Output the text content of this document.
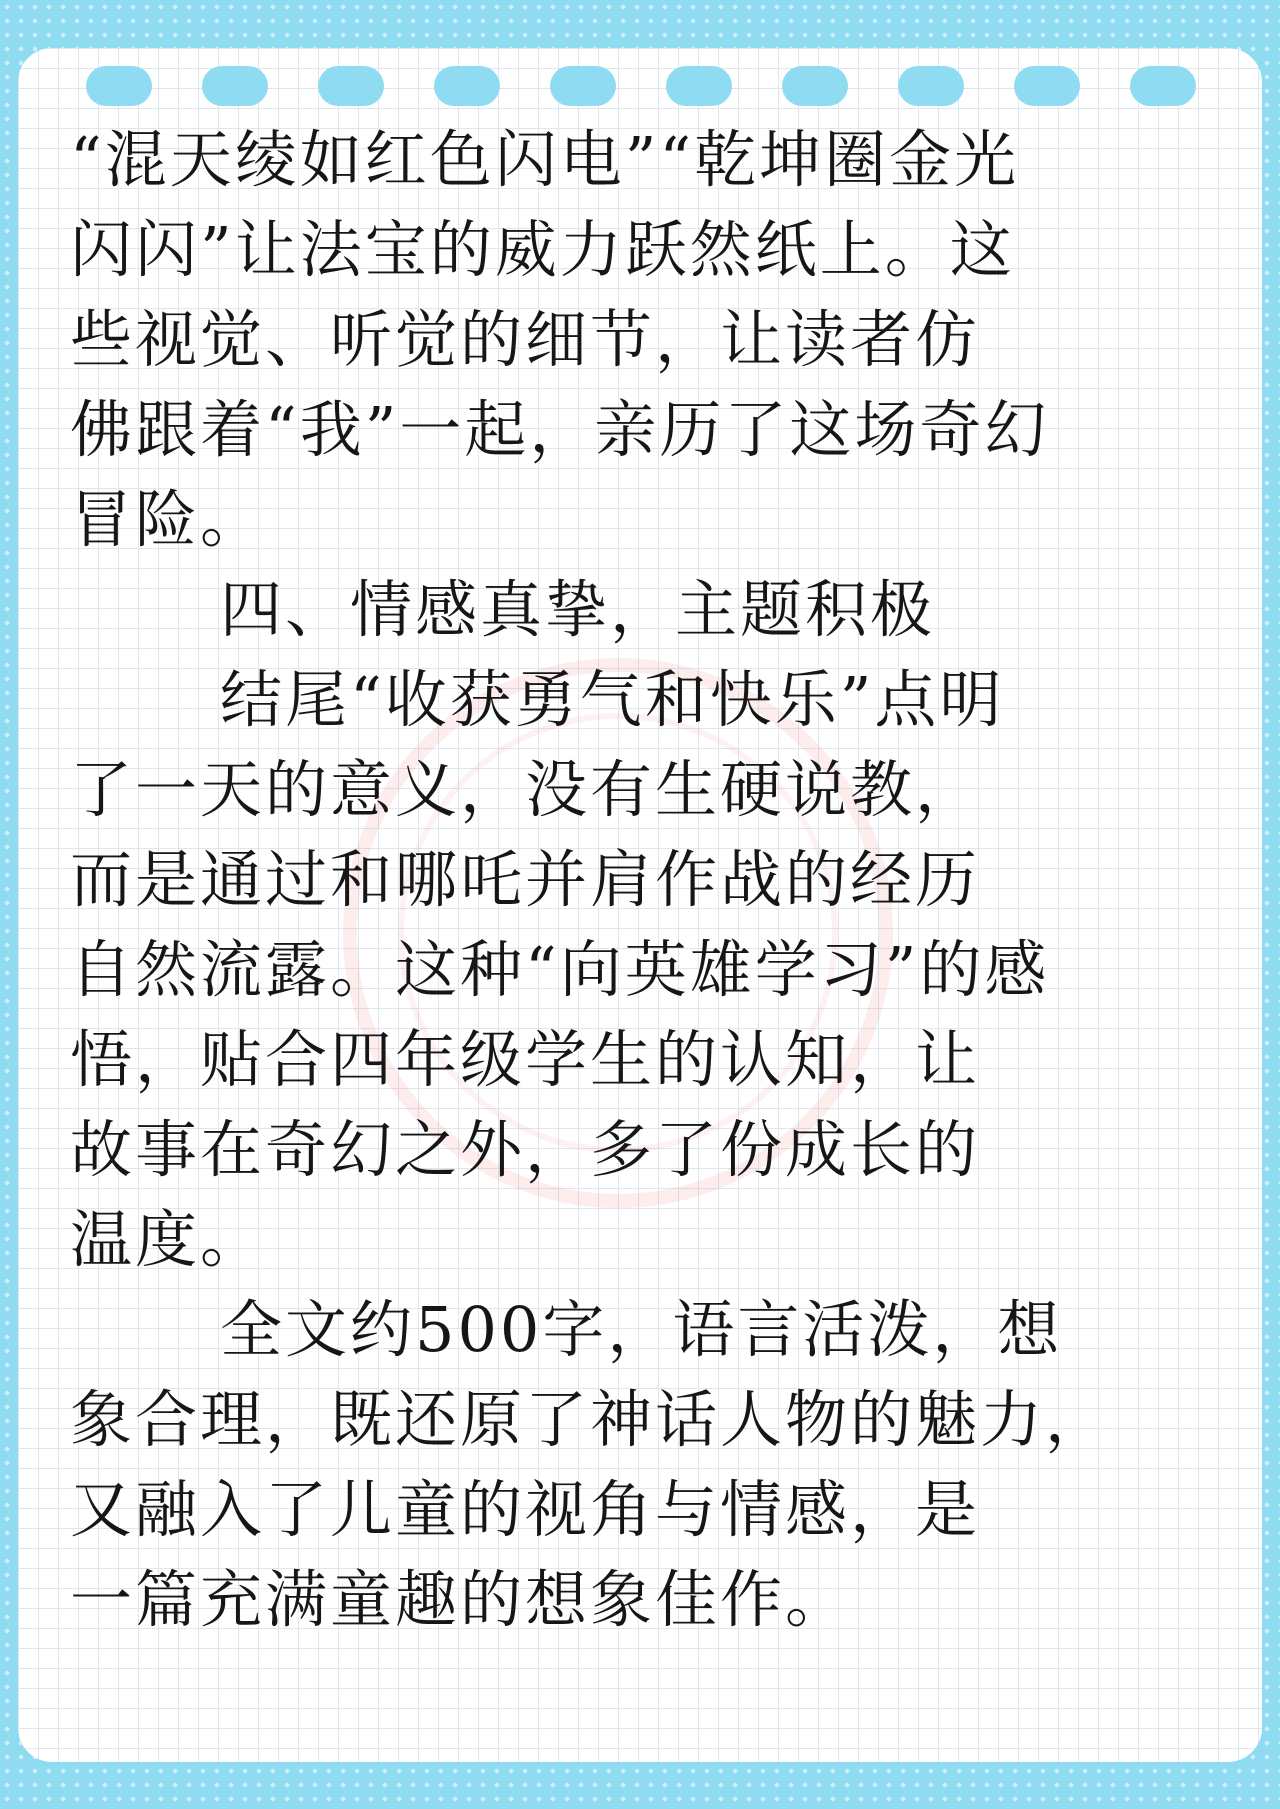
“混天绫如红色闪电”“乾坤圈金光
闪闪”让法宝的威力跃然纸上。这
些视觉、听觉的细节，让读者仿
佛跟着“我”一起，亲历了这场奇幻
冒险。

四、情感真挚，主题积极

结尾“收获勇气和快乐”点明
了一天的意义，没有生硬说教，
而是通过和哪吒并肩作战的经历
自然流露。这种“向英雄学习”的感
悟，贴合四年级学生的认知，让
故事在奇幻之外，多了份成长的
温度。

全文约500字，语言活泼，想
象合理，既还原了神话人物的魅力，
又融入了儿童的视角与情感，是
一篇充满童趣的想象佳作。
